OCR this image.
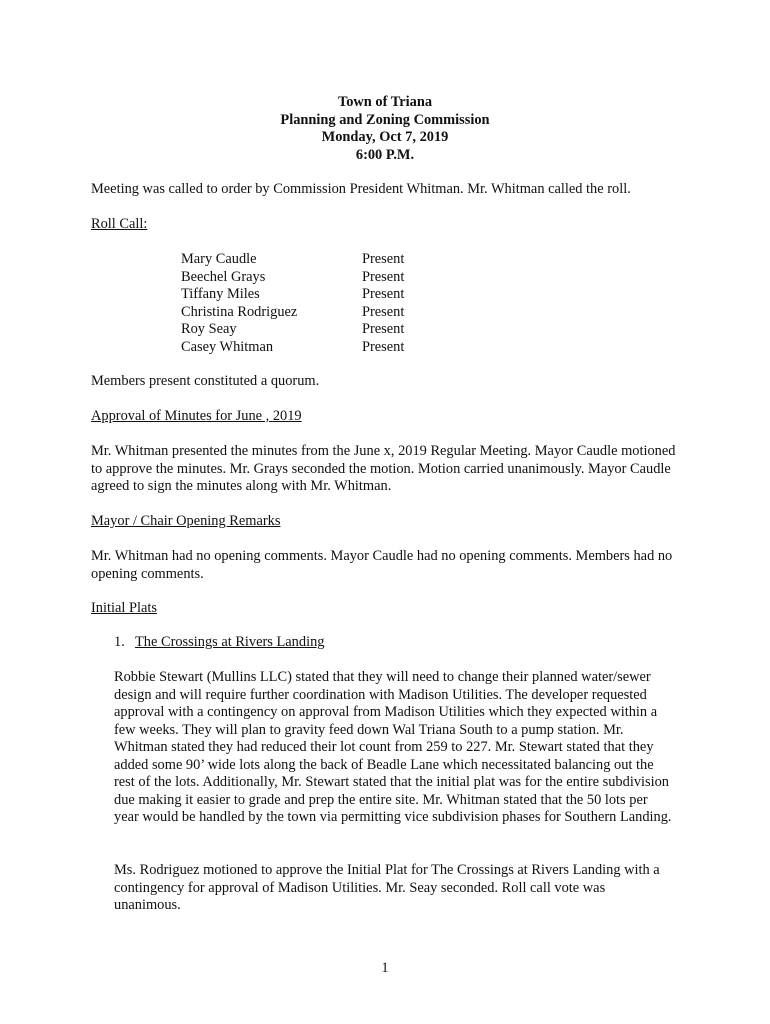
Town of Triana
Planning and Zoning Commission
Monday, Oct 7, 2019
6:00 P.M.

Meeting was called to order by Commission President Whitman. Mr. Whitman called the roll.

Roll Call:

Mary Caudle	Present
Beechel Grays	Present
Tiffany Miles	Present
Christina Rodriguez	Present
Roy Seay	Present
Casey Whitman	Present

Members present constituted a quorum.

Approval of Minutes for June , 2019

Mr. Whitman presented the minutes from the June x, 2019 Regular Meeting. Mayor Caudle motioned to approve the minutes. Mr. Grays seconded the motion. Motion carried unanimously. Mayor Caudle agreed to sign the minutes along with Mr. Whitman.

Mayor / Chair Opening Remarks

Mr. Whitman had no opening comments. Mayor Caudle had no opening comments. Members had no opening comments.

Initial Plats

1. The Crossings at Rivers Landing

Robbie Stewart (Mullins LLC) stated that they will need to change their planned water/sewer design and will require further coordination with Madison Utilities. The developer requested approval with a contingency on approval from Madison Utilities which they expected within a few weeks. They will plan to gravity feed down Wal Triana South to a pump station. Mr. Whitman stated they had reduced their lot count from 259 to 227. Mr. Stewart stated that they added some 90’ wide lots along the back of Beadle Lane which necessitated balancing out the rest of the lots. Additionally, Mr. Stewart stated that the initial plat was for the entire subdivision due making it easier to grade and prep the entire site. Mr. Whitman stated that the 50 lots per year would be handled by the town via permitting vice subdivision phases for Southern Landing.

Ms. Rodriguez motioned to approve the Initial Plat for The Crossings at Rivers Landing with a contingency for approval of Madison Utilities. Mr. Seay seconded. Roll call vote was unanimous.

1
